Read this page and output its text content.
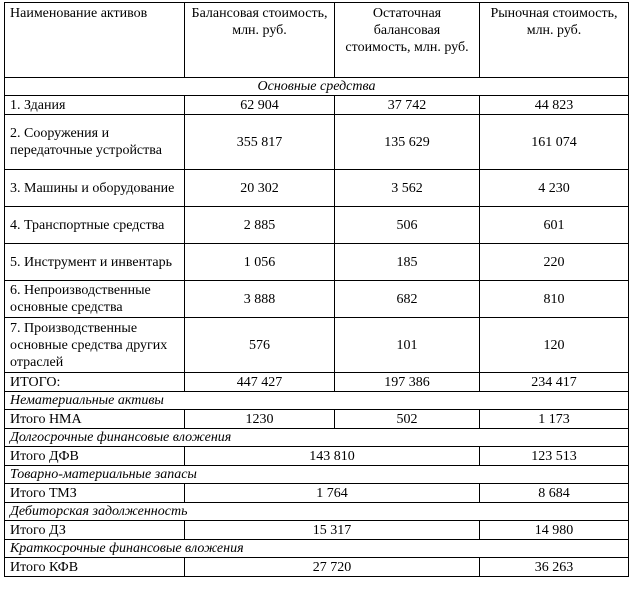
Наименование активов	Балансовая стоимость, млн. руб.	Остаточная балансовая стоимость, млн. руб.	Рыночная стоимость, млн. руб.
Основные средства			
1. Здания	62 904	37 742	44 823
2. Сооружения и передаточные устройства	355 817	135 629	161 074
3. Машины и оборудование	20 302	3 562	4 230
4. Транспортные средства	2 885	506	601
5. Инструмент и инвентарь	1 056	185	220
6. Непроизводственные основные средства	3 888	682	810
7. Производственные основные средства других отраслей	576	101	120
ИТОГО:	447 427	197 386	234 417
Нематериальные активы			
Итого НМА	1230	502	1 173
Долгосрочные финансовые вложения			
Итого ДФВ	143 810		123 513
Товарно-материальные запасы			
Итого ТМЗ	1 764		8 684
Дебиторская задолженность			
Итого ДЗ	15 317		14 980
Краткосрочные финансовые вложения			
Итого КФВ	27 720		36 263
